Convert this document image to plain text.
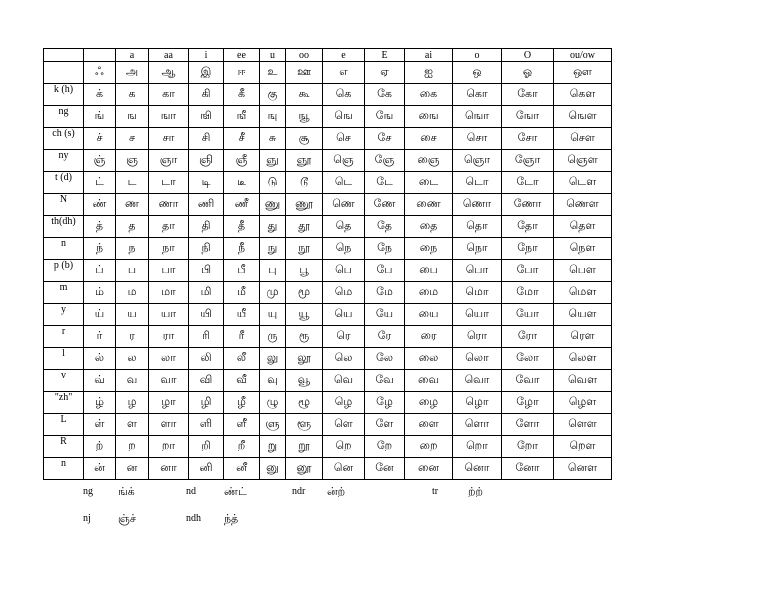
		a	aa	i	ee	u	oo	e	E	ai	o	O	ou/ow
	ஃ	அ	ஆ	இ	ஈ	உ	ஊ	எ	ஏ	ஐ	ஒ	ஓ	ஔ
k (h)	க்	க	கா	கி	கீ	கு	கூ	கெ	கே	கை	கொ	கோ	கௌ
ng	ங்	ங	ஙா	ஙி	ஙீ	ஙு	ஙூ	ஙெ	ஙே	ஙை	ஙொ	ஙோ	ஙௌ
ch (s)	ச்	ச	சா	சி	சீ	சு	சூ	செ	சே	சை	சொ	சோ	சௌ
ny	ஞ்	ஞ	ஞா	ஞி	ஞீ	ஞு	ஞூ	ஞெ	ஞே	ஞை	ஞொ	ஞோ	ஞௌ
t (d)	ட்	ட	டா	டி	டீ	டு	டூ	டெ	டே	டை	டொ	டோ	டௌ
N	ண்	ண	ணா	ணி	ணீ	ணு	ணூ	ணெ	ணே	ணை	ணொ	ணோ	ணௌ
th(dh)	த்	த	தா	தி	தீ	து	தூ	தெ	தே	தை	தொ	தோ	தௌ
n	ந்	ந	நா	நி	நீ	நு	நூ	நெ	நே	நை	நொ	நோ	நௌ
p (b)	ப்	ப	பா	பி	பீ	பு	பூ	பெ	பே	பை	பொ	போ	பௌ
m	ம்	ம	மா	மி	மீ	மு	மூ	மெ	மே	மை	மொ	மோ	மௌ
y	ய்	ய	யா	யி	யீ	யு	யூ	யெ	யே	யை	யொ	யோ	யௌ
r	ர்	ர	ரா	ரி	ரீ	ரு	ரூ	ரெ	ரே	ரை	ரொ	ரோ	ரௌ
l	ல்	ல	லா	லி	லீ	லு	லூ	லெ	லே	லை	லொ	லோ	லௌ
v	வ்	வ	வா	வி	வீ	வு	வூ	வெ	வே	வை	வொ	வோ	வௌ
"zh"	ழ்	ழ	ழா	ழி	ழீ	ழு	ழூ	ழெ	ழே	ழை	ழொ	ழோ	ழௌ
L	ள்	ள	ளா	ளி	ளீ	ளு	ளூ	ளெ	ளே	ளை	ளொ	ளோ	ளௌ
R	ற்	ற	றா	றி	றீ	று	றூ	றெ	றே	றை	றொ	றோ	றௌ
n	ன்	ன	னா	னி	னீ	னு	னூ	னெ	னே	னை	னொ	னோ	னௌ
ng ங்க்	nd	ண்ட்	ndr ன்ற்	tr	ற்ற்
nj ஞ்ச்	ndh ந்த்
